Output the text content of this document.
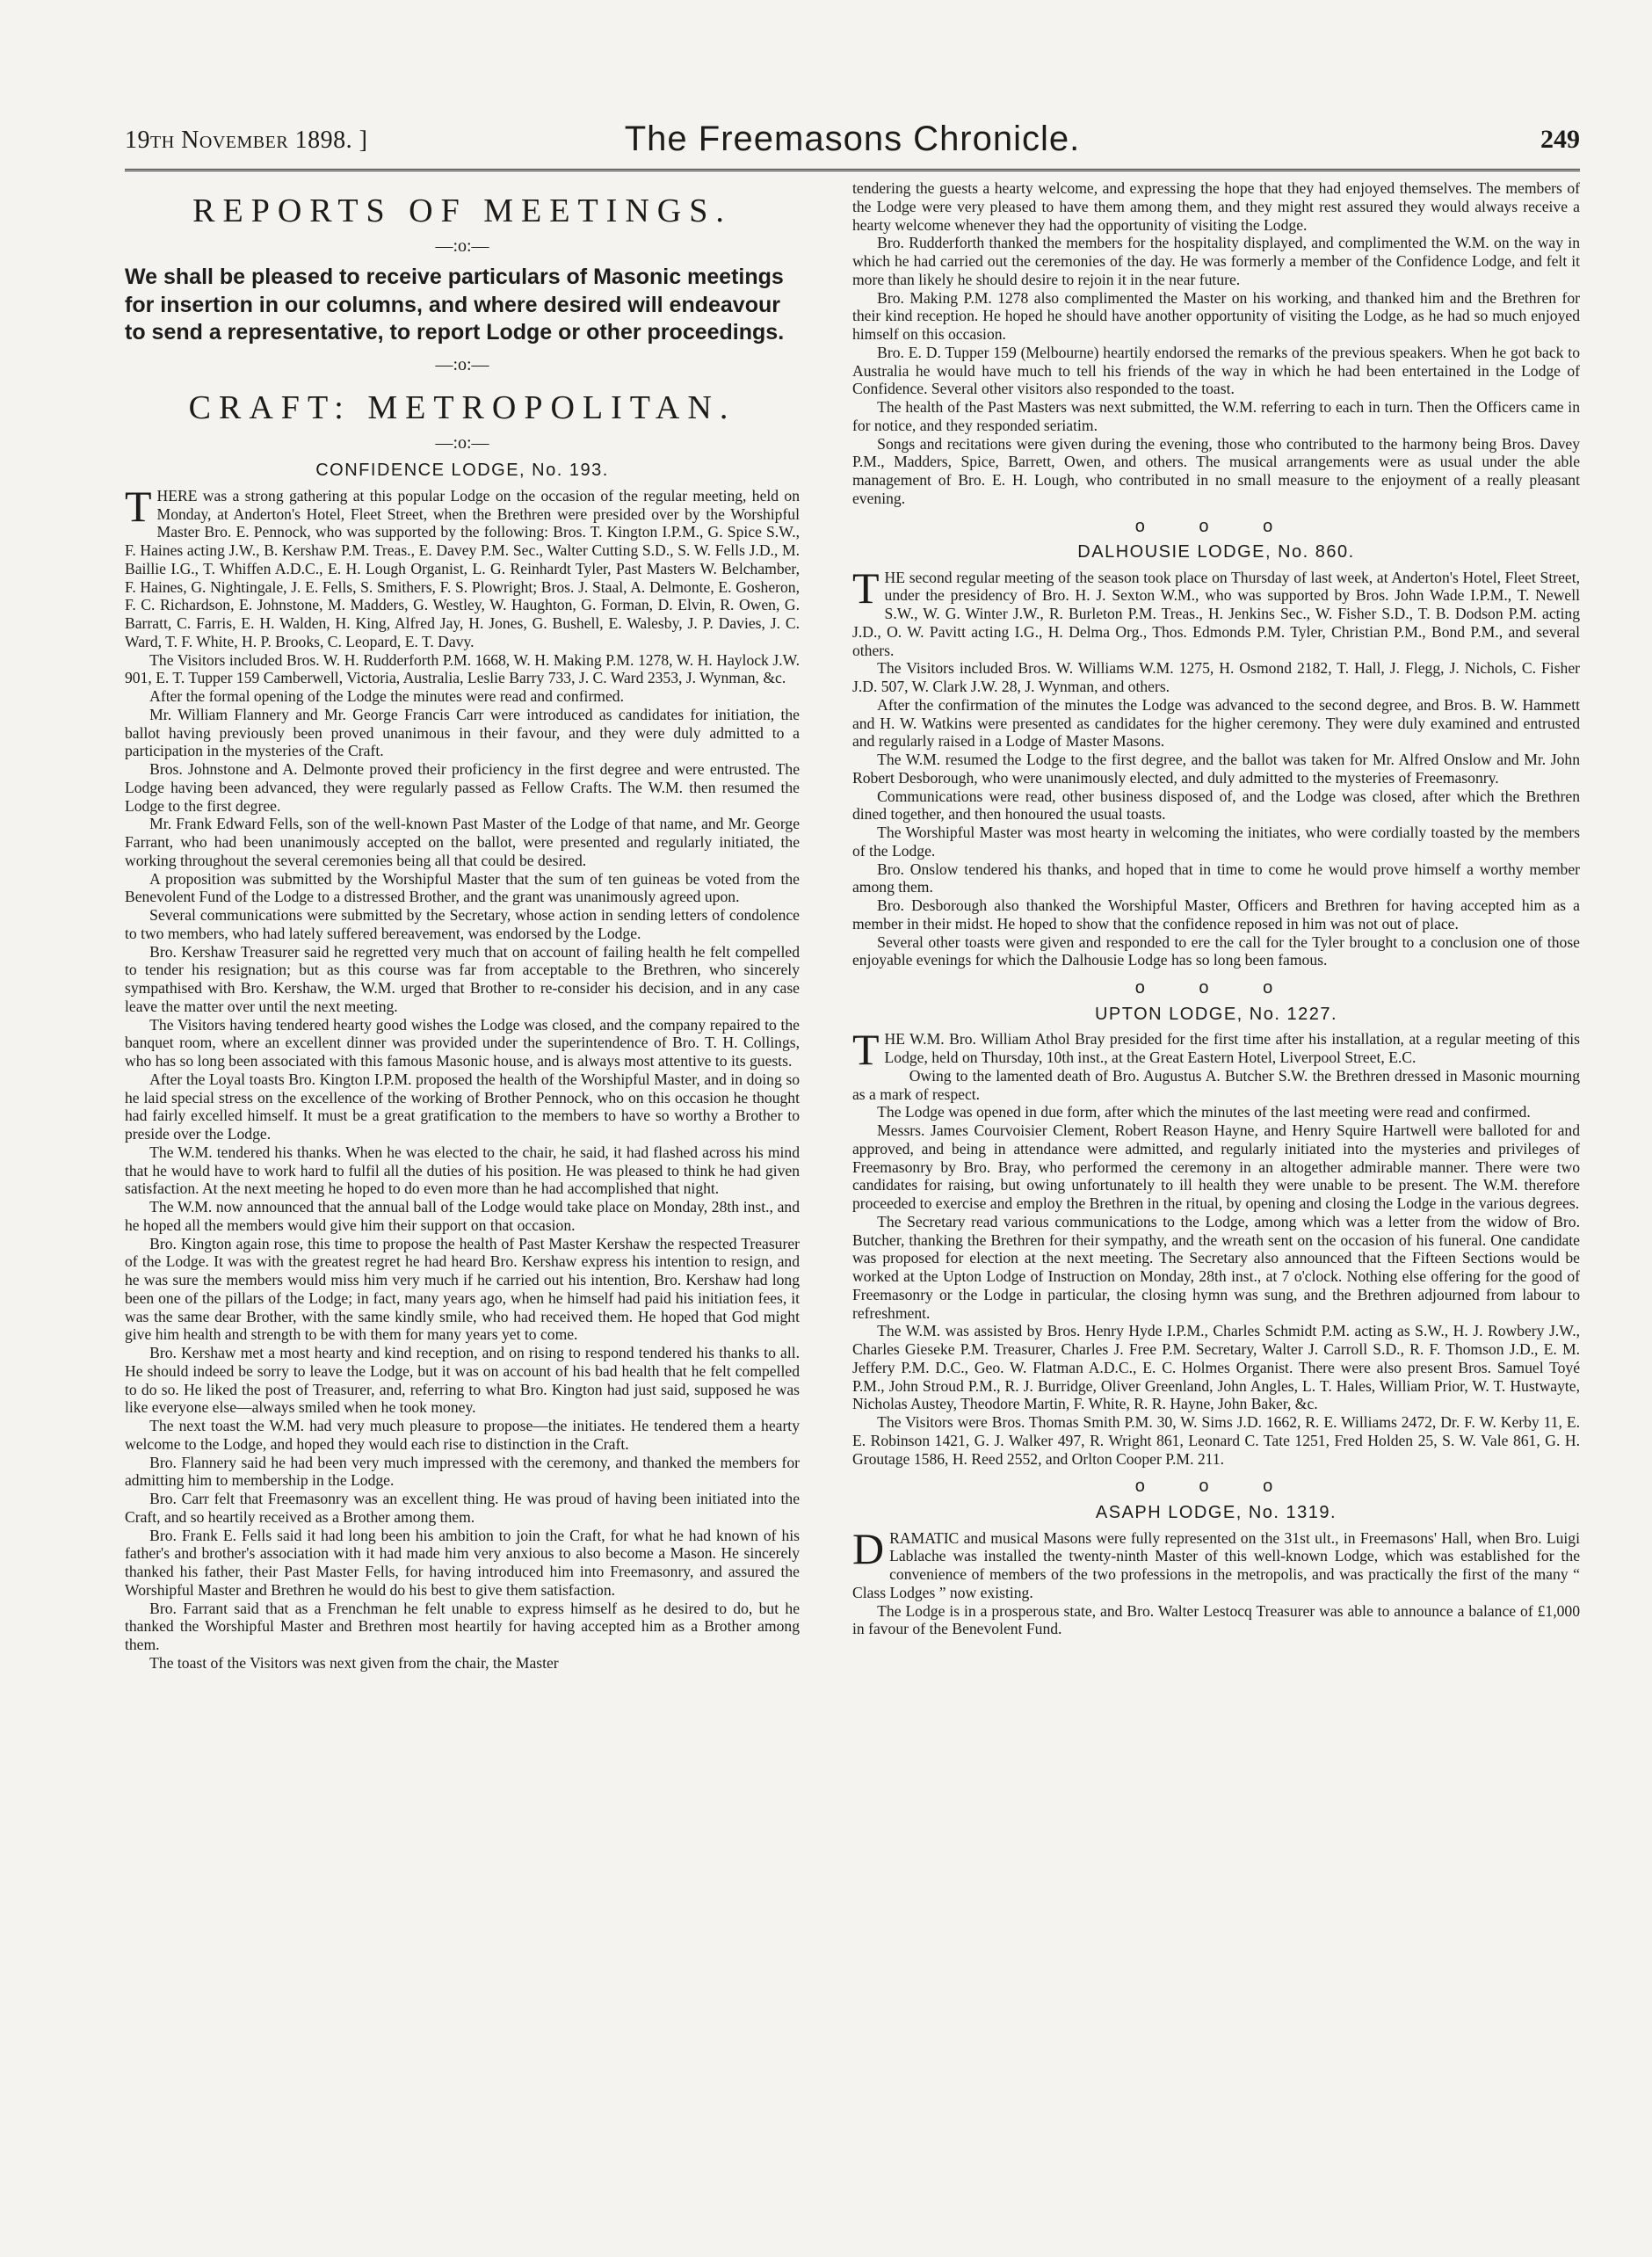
19th November 1898. ]	The Freemasons Chronicle.	249
REPORTS OF MEETINGS.
—:o:—
We shall be pleased to receive particulars of Masonic meetings for insertion in our columns, and where desired will endeavour to send a representative, to report Lodge or other proceedings.
—:o:—
CRAFT: METROPOLITAN.
—:o:—
CONFIDENCE LODGE, No. 193.

THERE was a strong gathering at this popular Lodge on the occasion of the regular meeting, held on Monday, at Anderton's Hotel, Fleet Street, when the Brethren were presided over by the Worshipful Master Bro. E. Pennock, who was supported by the following: Bros. T. Kington I.P.M., G. Spice S.W., F. Haines acting J.W., B. Kershaw P.M. Treas., E. Davey P.M. Sec., Walter Cutting S.D., S. W. Fells J.D., M. Baillie I.G., T. Whiffen A.D.C., E. H. Lough Organist, L. G. Reinhardt Tyler, Past Masters W. Belchamber, F. Haines, G. Nightingale, J. E. Fells, S. Smithers, F. S. Plowright; Bros. J. Staal, A. Delmonte, E. Gosheron, F. C. Richardson, E. Johnstone, M. Madders, G. Westley, W. Haughton, G. Forman, D. Elvin, R. Owen, G. Barratt, C. Farris, E. H. Walden, H. King, Alfred Jay, H. Jones, G. Bushell, E. Walesby, J. P. Davies, J. C. Ward, T. F. White, H. P. Brooks, C. Leopard, E. T. Davy.

The Visitors included Bros. W. H. Rudderforth P.M. 1668, W. H. Making P.M. 1278, W. H. Haylock J.W. 901, E. T. Tupper 159 Camberwell, Victoria, Australia, Leslie Barry 733, J. C. Ward 2353, J. Wynman, &c.

After the formal opening of the Lodge the minutes were read and confirmed.

Mr. William Flannery and Mr. George Francis Carr were introduced as candidates for initiation, the ballot having previously been proved unanimous in their favour, and they were duly admitted to a participation in the mysteries of the Craft.

Bros. Johnstone and A. Delmonte proved their proficiency in the first degree and were entrusted. The Lodge having been advanced, they were regularly passed as Fellow Crafts. The W.M. then resumed the Lodge to the first degree.

Mr. Frank Edward Fells, son of the well-known Past Master of the Lodge of that name, and Mr. George Farrant, who had been unanimously accepted on the ballot, were presented and regularly initiated, the working throughout the several ceremonies being all that could be desired.

A proposition was submitted by the Worshipful Master that the sum of ten guineas be voted from the Benevolent Fund of the Lodge to a distressed Brother, and the grant was unanimously agreed upon.

Several communications were submitted by the Secretary, whose action in sending letters of condolence to two members, who had lately suffered bereavement, was endorsed by the Lodge.

Bro. Kershaw Treasurer said he regretted very much that on account of failing health he felt compelled to tender his resignation; but as this course was far from acceptable to the Brethren, who sincerely sympathised with Bro. Kershaw, the W.M. urged that Brother to re-consider his decision, and in any case leave the matter over until the next meeting.

The Visitors having tendered hearty good wishes the Lodge was closed, and the company repaired to the banquet room, where an excellent dinner was provided under the superintendence of Bro. T. H. Collings, who has so long been associated with this famous Masonic house, and is always most attentive to its guests.

After the Loyal toasts Bro. Kington I.P.M. proposed the health of the Worshipful Master, and in doing so he laid special stress on the excellence of the working of Brother Pennock, who on this occasion he thought had fairly excelled himself. It must be a great gratification to the members to have so worthy a Brother to preside over the Lodge.

The W.M. tendered his thanks. When he was elected to the chair, he said, it had flashed across his mind that he would have to work hard to fulfil all the duties of his position. He was pleased to think he had given satisfaction. At the next meeting he hoped to do even more than he had accomplished that night.

The W.M. now announced that the annual ball of the Lodge would take place on Monday, 28th inst., and he hoped all the members would give him their support on that occasion.

Bro. Kington again rose, this time to propose the health of Past Master Kershaw the respected Treasurer of the Lodge. It was with the greatest regret he had heard Bro. Kershaw express his intention to resign, and he was sure the members would miss him very much if he carried out his intention, Bro. Kershaw had long been one of the pillars of the Lodge; in fact, many years ago, when he himself had paid his initiation fees, it was the same dear Brother, with the same kindly smile, who had received them. He hoped that God might give him health and strength to be with them for many years yet to come.

Bro. Kershaw met a most hearty and kind reception, and on rising to respond tendered his thanks to all. He should indeed be sorry to leave the Lodge, but it was on account of his bad health that he felt compelled to do so. He liked the post of Treasurer, and, referring to what Bro. Kington had just said, supposed he was like everyone else—always smiled when he took money.

The next toast the W.M. had very much pleasure to propose—the initiates. He tendered them a hearty welcome to the Lodge, and hoped they would each rise to distinction in the Craft.

Bro. Flannery said he had been very much impressed with the ceremony, and thanked the members for admitting him to membership in the Lodge.

Bro. Carr felt that Freemasonry was an excellent thing. He was proud of having been initiated into the Craft, and so heartily received as a Brother among them.

Bro. Frank E. Fells said it had long been his ambition to join the Craft, for what he had known of his father's and brother's association with it had made him very anxious to also become a Mason. He sincerely thanked his father, their Past Master Fells, for having introduced him into Freemasonry, and assured the Worshipful Master and Brethren he would do his best to give them satisfaction.

Bro. Farrant said that as a Frenchman he felt unable to express himself as he desired to do, but he thanked the Worshipful Master and Brethren most heartily for having accepted him as a Brother among them.

The toast of the Visitors was next given from the chair, the Master

tendering the guests a hearty welcome, and expressing the hope that they had enjoyed themselves. The members of the Lodge were very pleased to have them among them, and they might rest assured they would always receive a hearty welcome whenever they had the opportunity of visiting the Lodge.

Bro. Rudderforth thanked the members for the hospitality displayed, and complimented the W.M. on the way in which he had carried out the ceremonies of the day. He was formerly a member of the Confidence Lodge, and felt it more than likely he should desire to rejoin it in the near future.

Bro. Making P.M. 1278 also complimented the Master on his working, and thanked him and the Brethren for their kind reception. He hoped he should have another opportunity of visiting the Lodge, as he had so much enjoyed himself on this occasion.

Bro. E. D. Tupper 159 (Melbourne) heartily endorsed the remarks of the previous speakers. When he got back to Australia he would have much to tell his friends of the way in which he had been entertained in the Lodge of Confidence. Several other visitors also responded to the toast.

The health of the Past Masters was next submitted, the W.M. referring to each in turn. Then the Officers came in for notice, and they responded seriatim.

Songs and recitations were given during the evening, those who contributed to the harmony being Bros. Davey P.M., Madders, Spice, Barrett, Owen, and others. The musical arrangements were as usual under the able management of Bro. E. H. Lough, who contributed in no small measure to the enjoyment of a really pleasant evening.

o o o
DALHOUSIE LODGE, No. 860.

THE second regular meeting of the season took place on Thursday of last week, at Anderton's Hotel, Fleet Street, under the presidency of Bro. H. J. Sexton W.M., who was supported by Bros. John Wade I.P.M., T. Newell S.W., W. G. Winter J.W., R. Burleton P.M. Treas., H. Jenkins Sec., W. Fisher S.D., T. B. Dodson P.M. acting J.D., O. W. Pavitt acting I.G., H. Delma Org., Thos. Edmonds P.M. Tyler, Christian P.M., Bond P.M., and several others.

The Visitors included Bros. W. Williams W.M. 1275, H. Osmond 2182, T. Hall, J. Flegg, J. Nichols, C. Fisher J.D. 507, W. Clark J.W. 28, J. Wynman, and others.

After the confirmation of the minutes the Lodge was advanced to the second degree, and Bros. B. W. Hammett and H. W. Watkins were presented as candidates for the higher ceremony. They were duly examined and entrusted and regularly raised in a Lodge of Master Masons.

The W.M. resumed the Lodge to the first degree, and the ballot was taken for Mr. Alfred Onslow and Mr. John Robert Desborough, who were unanimously elected, and duly admitted to the mysteries of Freemasonry.

Communications were read, other business disposed of, and the Lodge was closed, after which the Brethren dined together, and then honoured the usual toasts.

The Worshipful Master was most hearty in welcoming the initiates, who were cordially toasted by the members of the Lodge.

Bro. Onslow tendered his thanks, and hoped that in time to come he would prove himself a worthy member among them.

Bro. Desborough also thanked the Worshipful Master, Officers and Brethren for having accepted him as a member in their midst. He hoped to show that the confidence reposed in him was not out of place.

Several other toasts were given and responded to ere the call for the Tyler brought to a conclusion one of those enjoyable evenings for which the Dalhousie Lodge has so long been famous.

o o o
UPTON LODGE, No. 1227.

THE W.M. Bro. William Athol Bray presided for the first time after his installation, at a regular meeting of this Lodge, held on Thursday, 10th inst., at the Great Eastern Hotel, Liverpool Street, E.C.

Owing to the lamented death of Bro. Augustus A. Butcher S.W. the Brethren dressed in Masonic mourning as a mark of respect.

The Lodge was opened in due form, after which the minutes of the last meeting were read and confirmed.

Messrs. James Courvoisier Clement, Robert Reason Hayne, and Henry Squire Hartwell were balloted for and approved, and being in attendance were admitted, and regularly initiated into the mysteries and privileges of Freemasonry by Bro. Bray, who performed the ceremony in an altogether admirable manner. There were two candidates for raising, but owing unfortunately to ill health they were unable to be present. The W.M. therefore proceeded to exercise and employ the Brethren in the ritual, by opening and closing the Lodge in the various degrees.

The Secretary read various communications to the Lodge, among which was a letter from the widow of Bro. Butcher, thanking the Brethren for their sympathy, and the wreath sent on the occasion of his funeral. One candidate was proposed for election at the next meeting. The Secretary also announced that the Fifteen Sections would be worked at the Upton Lodge of Instruction on Monday, 28th inst., at 7 o'clock. Nothing else offering for the good of Freemasonry or the Lodge in particular, the closing hymn was sung, and the Brethren adjourned from labour to refreshment.

The W.M. was assisted by Bros. Henry Hyde I.P.M., Charles Schmidt P.M. acting as S.W., H. J. Rowbery J.W., Charles Gieseke P.M. Treasurer, Charles J. Free P.M. Secretary, Walter J. Carroll S.D., R. F. Thomson J.D., E. M. Jeffery P.M. D.C., Geo. W. Flatman A.D.C., E. C. Holmes Organist. There were also present Bros. Samuel Toyé P.M., John Stroud P.M., R. J. Burridge, Oliver Greenland, John Angles, L. T. Hales, William Prior, W. T. Hustwayte, Nicholas Austey, Theodore Martin, F. White, R. R. Hayne, John Baker, &c.

The Visitors were Bros. Thomas Smith P.M. 30, W. Sims J.D. 1662, R. E. Williams 2472, Dr. F. W. Kerby 11, E. E. Robinson 1421, G. J. Walker 497, R. Wright 861, Leonard C. Tate 1251, Fred Holden 25, S. W. Vale 861, G. H. Groutage 1586, H. Reed 2552, and Orlton Cooper P.M. 211.

o o o
ASAPH LODGE, No. 1319.

DRAMATIC and musical Masons were fully represented on the 31st ult., in Freemasons' Hall, when Bro. Luigi Lablache was installed the twenty-ninth Master of this well-known Lodge, which was established for the convenience of members of the two professions in the metropolis, and was practically the first of the many “ Class Lodges ” now existing.

The Lodge is in a prosperous state, and Bro. Walter Lestocq Treasurer was able to announce a balance of £1,000 in favour of the Benevolent Fund.
